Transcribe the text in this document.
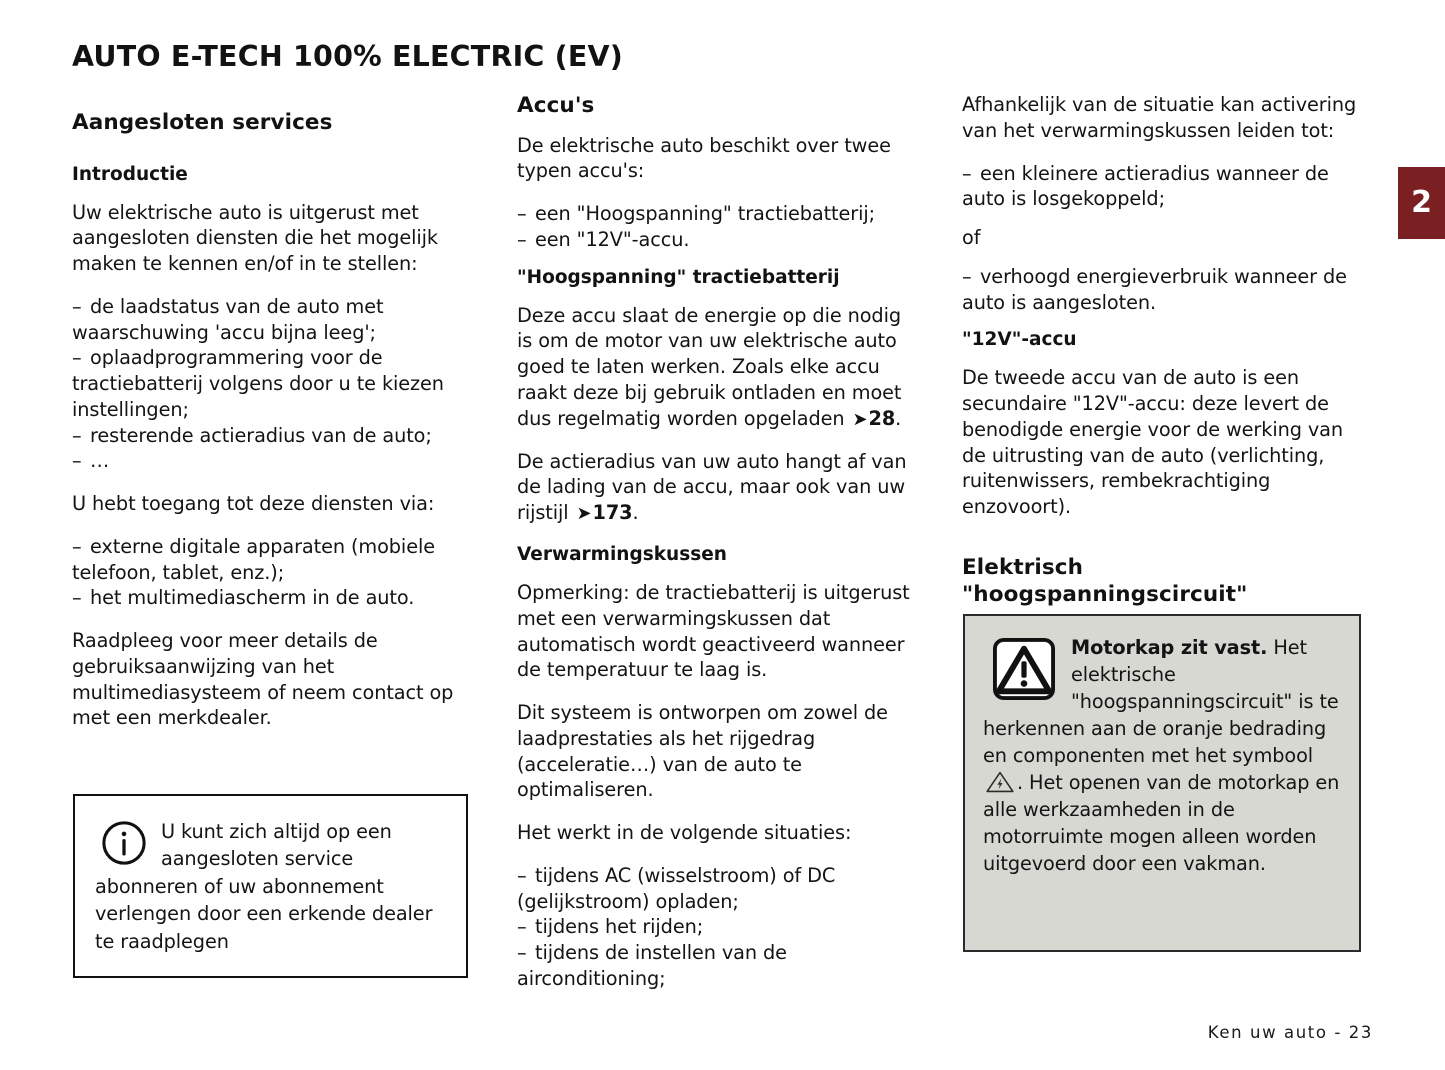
AUTO E-TECH 100% ELECTRIC (EV)
2
Aangesloten services
Introductie

Uw elektrische auto is uitgerust met aangesloten diensten die het mogelijk maken te kennen en/of in te stellen:

– de laadstatus van de auto met waarschuwing 'accu bijna leeg';
– oplaadprogrammering voor de tractiebatterij volgens door u te kiezen instellingen;
– resterende actieradius van de auto;
– …

U hebt toegang tot deze diensten via:

– externe digitale apparaten (mobiele telefoon, tablet, enz.);
– het multimediascherm in de auto.

Raadpleeg voor meer details de gebruiksaanwijzing van het multimediasysteem of neem contact op met een merkdealer.

U kunt zich altijd op een aangesloten service abonneren of uw abonnement verlengen door een erkende dealer te raadplegen
Accu's

De elektrische auto beschikt over twee typen accu's:

– een "Hoogspanning" tractiebatterij;
– een "12V"-accu.
"Hoogspanning" tractiebatterij

Deze accu slaat de energie op die nodig is om de motor van uw elektrische auto goed te laten werken. Zoals elke accu raakt deze bij gebruik ontladen en moet dus regelmatig worden opgeladen ➤28.

De actieradius van uw auto hangt af van de lading van de accu, maar ook van uw rijstijl ➤173.

Verwarmingskussen

Opmerking: de tractiebatterij is uitgerust met een verwarmingskussen dat automatisch wordt geactiveerd wanneer de temperatuur te laag is.

Dit systeem is ontworpen om zowel de laadprestaties als het rijgedrag (acceleratie…) van de auto te optimaliseren.

Het werkt in de volgende situaties:

– tijdens AC (wisselstroom) of DC (gelijkstroom) opladen;
– tijdens het rijden;
– tijdens de instellen van de airconditioning;

Afhankelijk van de situatie kan activering van het verwarmingskussen leiden tot:

– een kleinere actieradius wanneer de auto is losgekoppeld;

of

– verhoogd energieverbruik wanneer de auto is aangesloten.
"12V"-accu

De tweede accu van de auto is een secundaire "12V"-accu: deze levert de benodigde energie voor de werking van de uitrusting van de auto (verlichting, ruitenwissers, rembekrachtiging enzovoort).

Elektrisch "hoogspanningscircuit"
Motorkap zit vast. Het elektrische "hoogspanningscircuit" is te herkennen aan de oranje bedrading en componenten met het symbool . Het openen van de motorkap en alle werkzaamheden in de motorruimte mogen alleen worden uitgevoerd door een vakman.
Ken uw auto - 23
